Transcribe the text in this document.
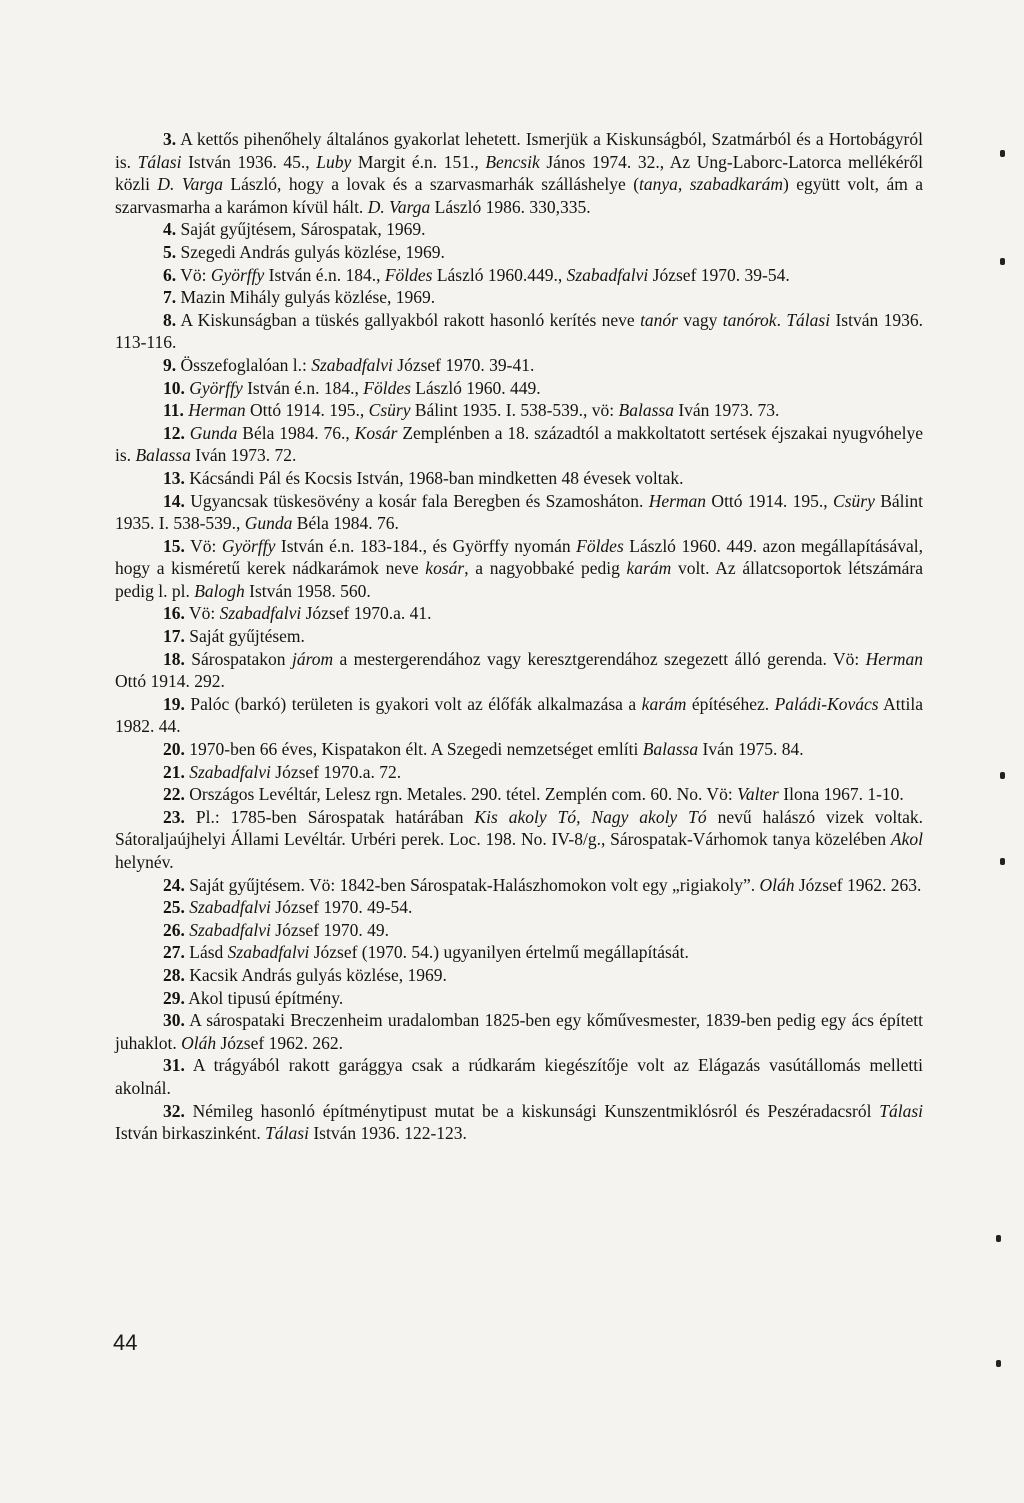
3. A kettős pihenőhely általános gyakorlat lehetett. Ismerjük a Kiskunságból, Szatmárból és a Hortobágyról is. Tálasi István 1936. 45., Luby Margit é.n. 151., Bencsik János 1974. 32., Az Ung-Laborc-Latorca mellékéről közli D. Varga László, hogy a lovak és a szarvasmarhák szálláshelye (tanya, szabadkarám) együtt volt, ám a szarvasmarha a karámon kívül hált. D. Varga László 1986. 330,335.

4. Saját gyűjtésem, Sárospatak, 1969.

5. Szegedi András gulyás közlése, 1969.

6. Vö: Györffy István é.n. 184., Földes László 1960.449., Szabadfalvi József 1970. 39-54.

7. Mazin Mihály gulyás közlése, 1969.

8. A Kiskunságban a tüskés gallyakból rakott hasonló kerítés neve tanór vagy tanórok. Tálasi István 1936. 113-116.

9. Összefoglalóan l.: Szabadfalvi József 1970. 39-41.

10. Györffy István é.n. 184., Földes László 1960. 449.

11. Herman Ottó 1914. 195., Csüry Bálint 1935. I. 538-539., vö: Balassa Iván 1973. 73.

12. Gunda Béla 1984. 76., Kosár Zemplénben a 18. századtól a makkoltatott sertések éjszakai nyugvóhelye is. Balassa Iván 1973. 72.

13. Kácsándi Pál és Kocsis István, 1968-ban mindketten 48 évesek voltak.

14. Ugyancsak tüskesövény a kosár fala Beregben és Szamosháton. Herman Ottó 1914. 195., Csüry Bálint 1935. I. 538-539., Gunda Béla 1984. 76.

15. Vö: Györffy István é.n. 183-184., és Györffy nyomán Földes László 1960. 449. azon megállapításával, hogy a kisméretű kerek nádkarámok neve kosár, a nagyobbaké pedig karám volt. Az állatcsoportok létszámára pedig l. pl. Balogh István 1958. 560.

16. Vö: Szabadfalvi József 1970.a. 41.

17. Saját gyűjtésem.

18. Sárospatakon járom a mestergerendához vagy keresztgerendához szegezett álló gerenda. Vö: Herman Ottó 1914. 292.

19. Palóc (barkó) területen is gyakori volt az élőfák alkalmazása a karám építéséhez. Paládi-Kovács Attila 1982. 44.

20. 1970-ben 66 éves, Kispatakon élt. A Szegedi nemzetséget említi Balassa Iván 1975. 84.

21. Szabadfalvi József 1970.a. 72.

22. Országos Levéltár, Lelesz rgn. Metales. 290. tétel. Zemplén com. 60. No. Vö: Valter Ilona 1967. 1-10.

23. Pl.: 1785-ben Sárospatak határában Kis akoly Tó, Nagy akoly Tó nevű halászó vizek voltak. Sátoraljaújhelyi Állami Levéltár. Urbéri perek. Loc. 198. No. IV-8/g., Sárospatak-Várhomok tanya közelében Akol helynév.

24. Saját gyűjtésem. Vö: 1842-ben Sárospatak-Halászhomokon volt egy „rigiakoly”. Oláh József 1962. 263.

25. Szabadfalvi József 1970. 49-54.

26. Szabadfalvi József 1970. 49.

27. Lásd Szabadfalvi József (1970. 54.) ugyanilyen értelmű megállapítását.

28. Kacsik András gulyás közlése, 1969.

29. Akol tipusú építmény.

30. A sárospataki Breczenheim uradalomban 1825-ben egy kőművesmester, 1839-ben pedig egy ács épített juhaklot. Oláh József 1962. 262.

31. A trágyából rakott garággya csak a rúdkarám kiegészítője volt az Elágazás vasútállomás melletti akolnál.

32. Némileg hasonló építménytipust mutat be a kiskunsági Kunszentmiklósról és Peszéradacsról Tálasi István birkaszinként. Tálasi István 1936. 122-123.

44
